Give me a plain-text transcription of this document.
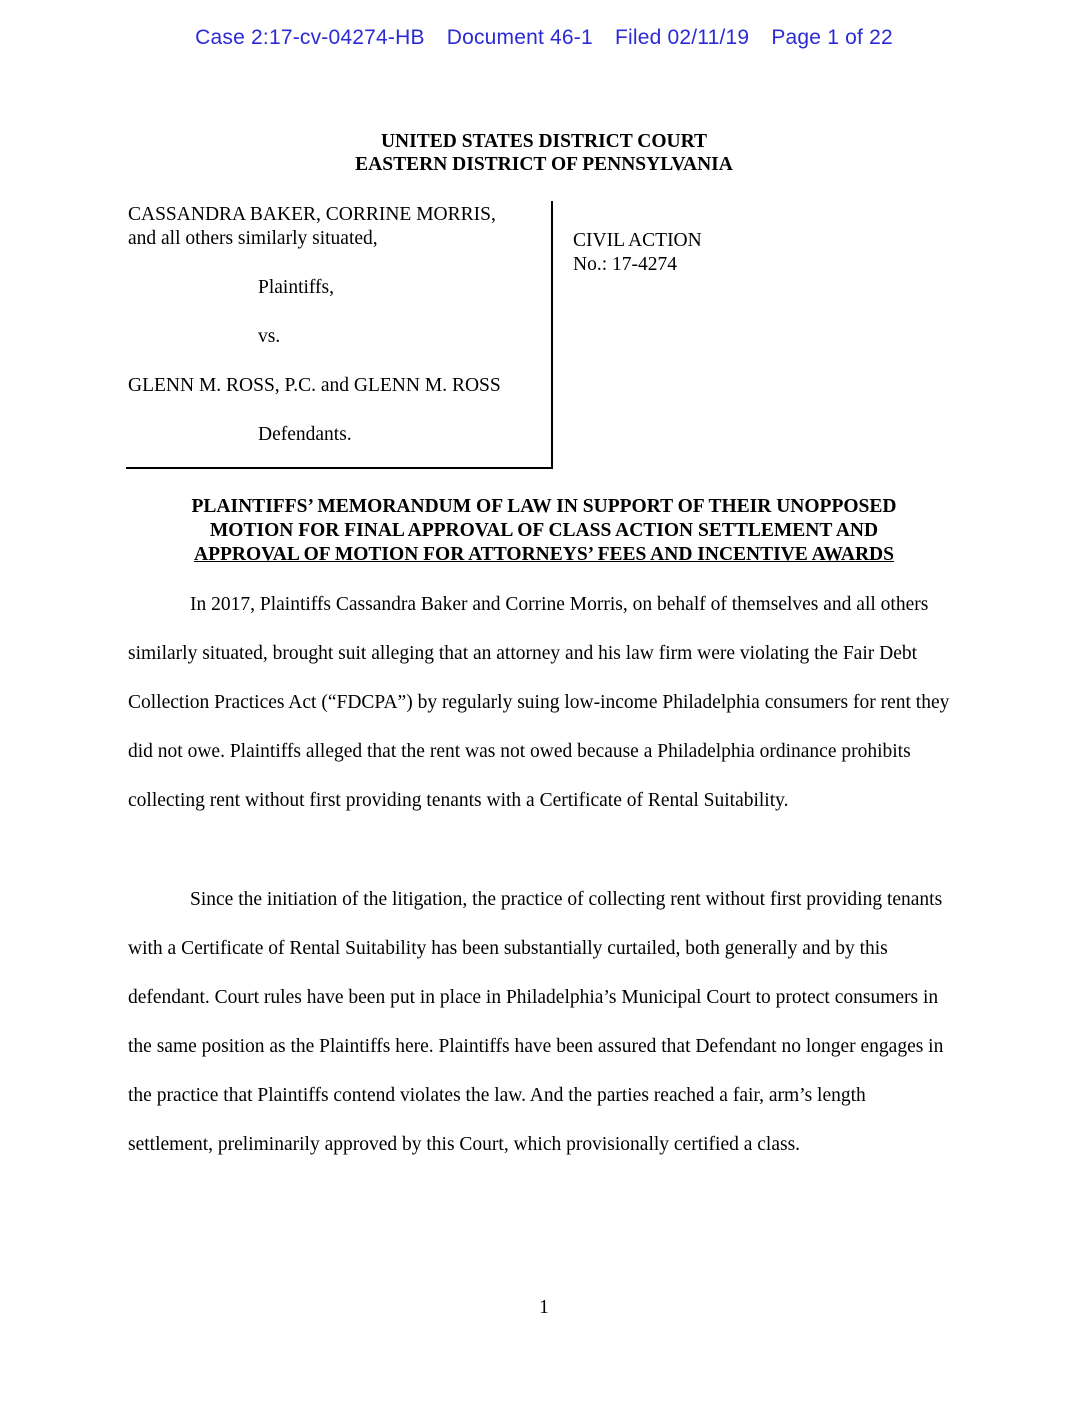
Case 2:17-cv-04274-HB Document 46-1 Filed 02/11/19 Page 1 of 22
UNITED STATES DISTRICT COURT
EASTERN DISTRICT OF PENNSYLVANIA
CASSANDRA BAKER, CORRINE MORRIS,
and all others similarly situated,
Plaintiffs,
vs.
GLENN M. ROSS, P.C. and GLENN M. ROSS
Defendants.
CIVIL ACTION
No.: 17-4274
PLAINTIFFS’ MEMORANDUM OF LAW IN SUPPORT OF THEIR UNOPPOSED
MOTION FOR FINAL APPROVAL OF CLASS ACTION SETTLEMENT AND
APPROVAL OF MOTION FOR ATTORNEYS’ FEES AND INCENTIVE AWARDS

In 2017, Plaintiffs Cassandra Baker and Corrine Morris, on behalf of themselves and all others similarly situated, brought suit alleging that an attorney and his law firm were violating the Fair Debt Collection Practices Act (“FDCPA”) by regularly suing low-income Philadelphia consumers for rent they did not owe. Plaintiffs alleged that the rent was not owed because a Philadelphia ordinance prohibits collecting rent without first providing tenants with a Certificate of Rental Suitability.

Since the initiation of the litigation, the practice of collecting rent without first providing tenants with a Certificate of Rental Suitability has been substantially curtailed, both generally and by this defendant. Court rules have been put in place in Philadelphia’s Municipal Court to protect consumers in the same position as the Plaintiffs here. Plaintiffs have been assured that Defendant no longer engages in the practice that Plaintiffs contend violates the law. And the parties reached a fair, arm’s length settlement, preliminarily approved by this Court, which provisionally certified a class.

1
